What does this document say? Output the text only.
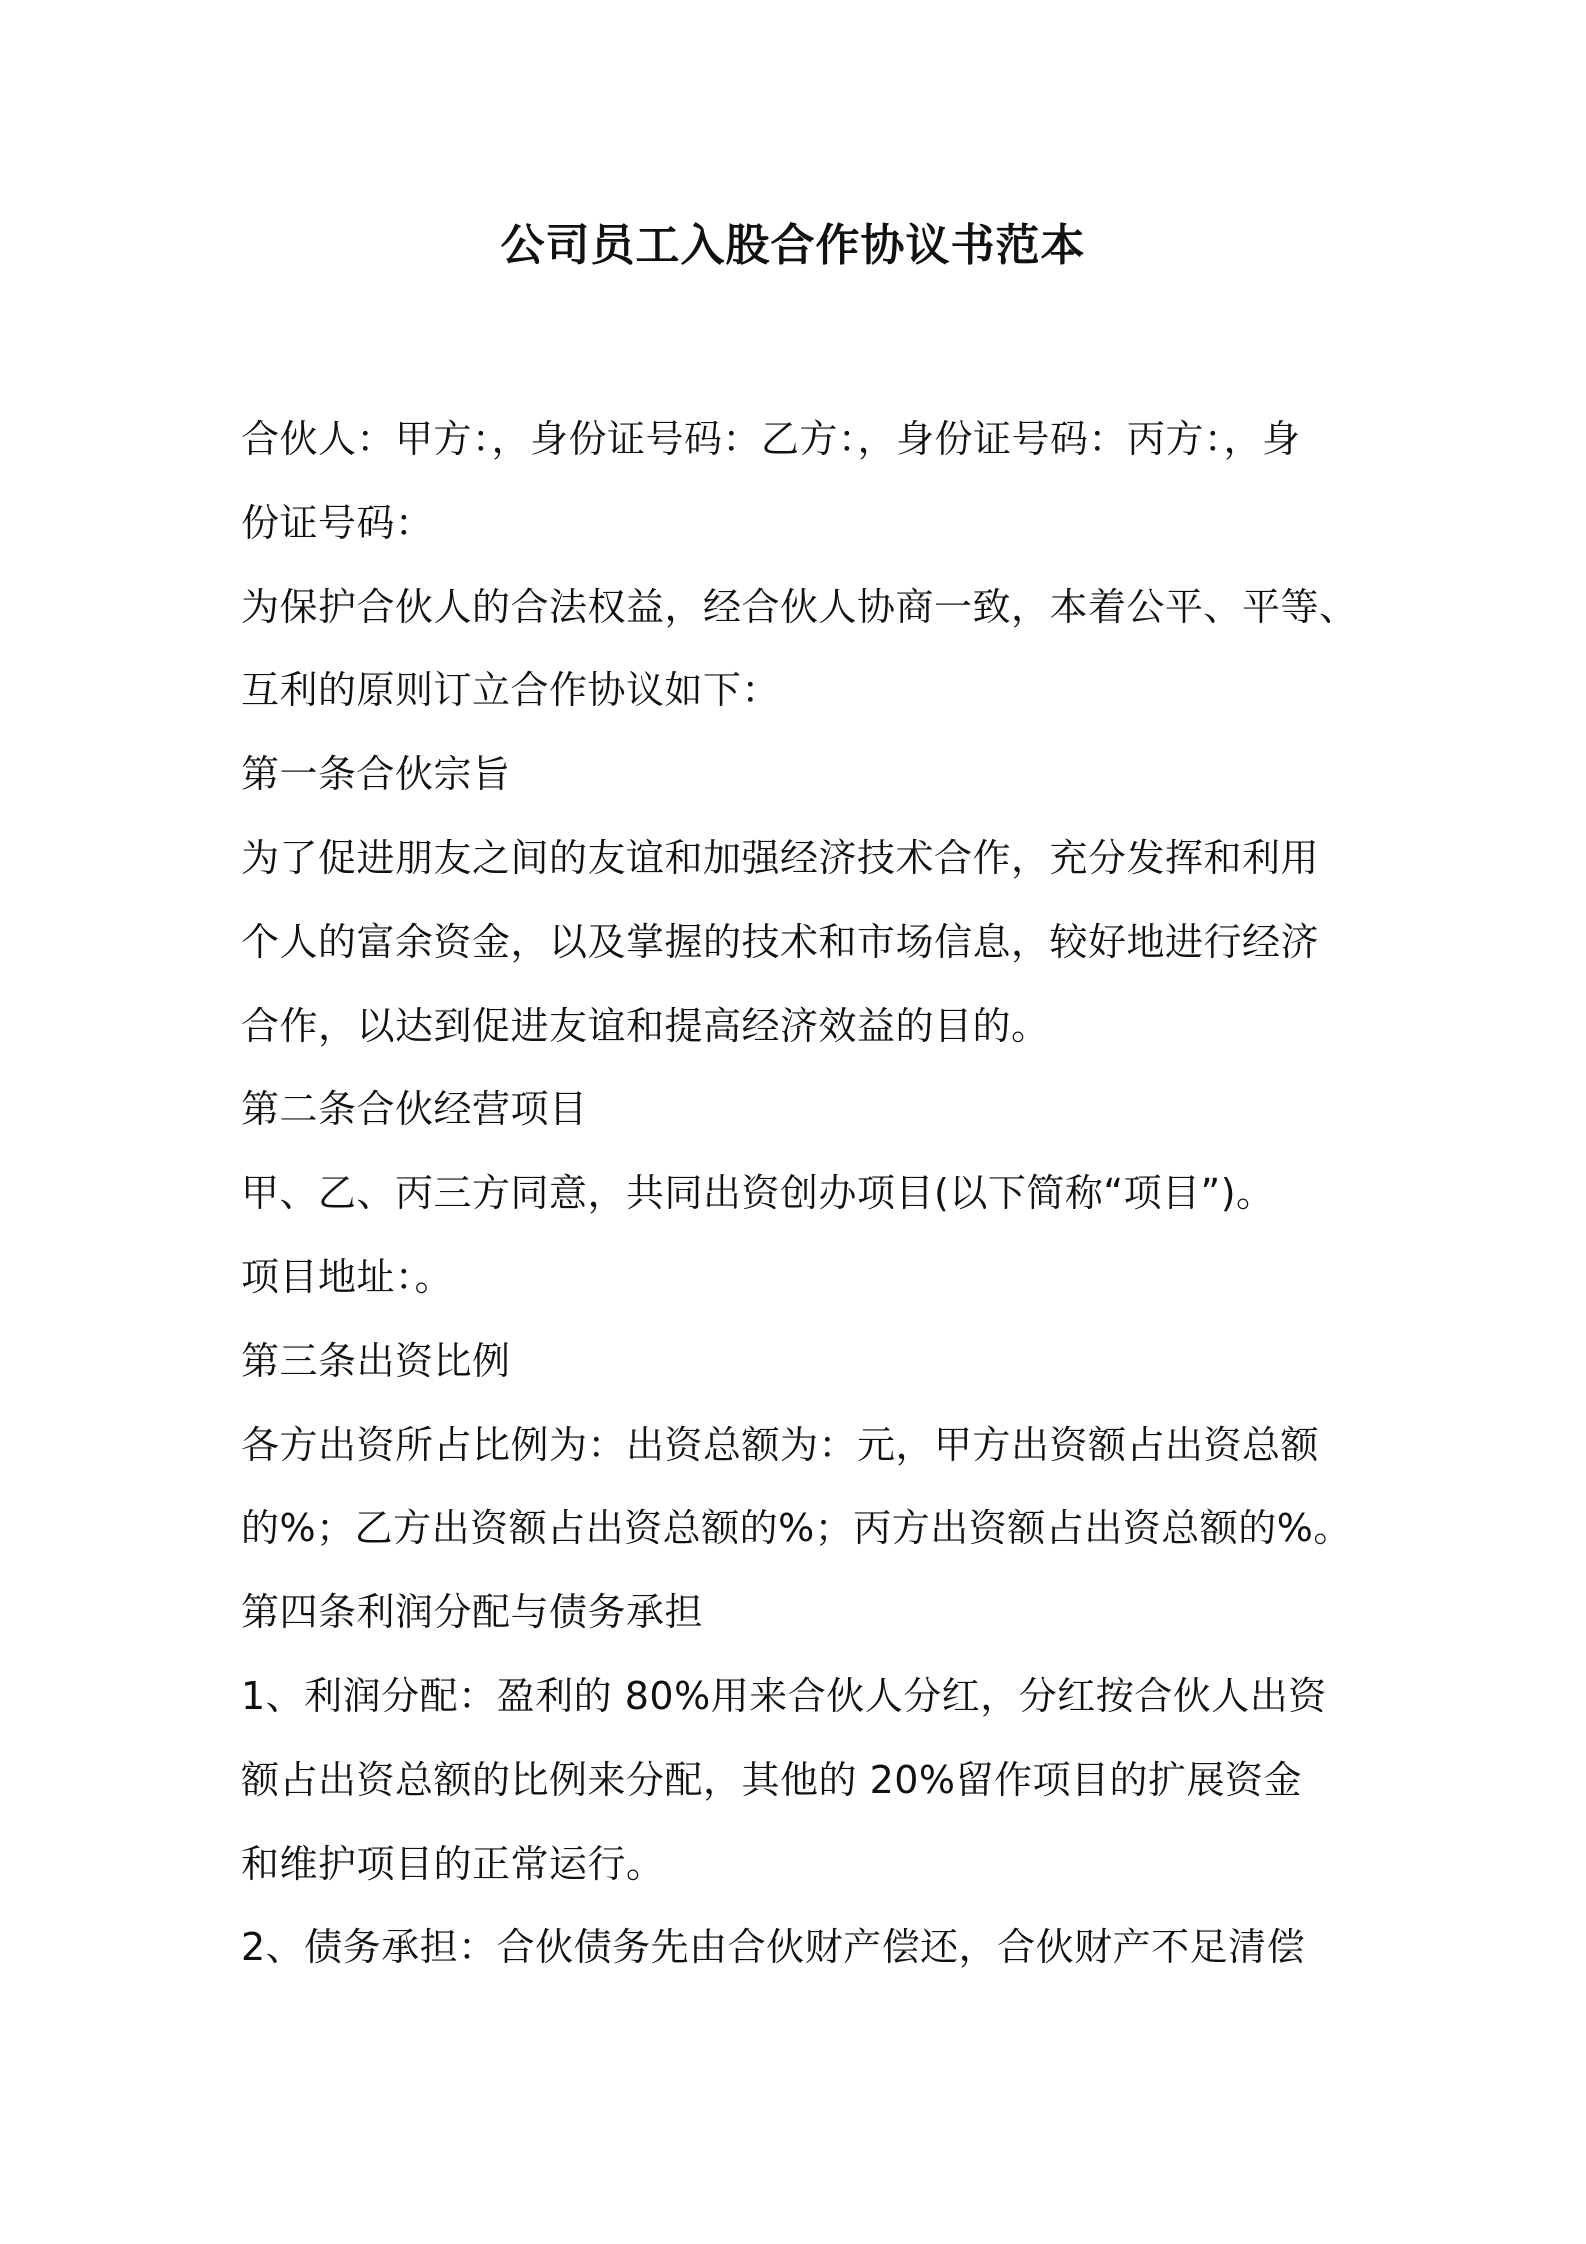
公司员工入股合作协议书范本
合伙人：甲方：，身份证号码：乙方：，身份证号码：丙方：，身
份证号码：
为保护合伙人的合法权益，经合伙人协商一致，本着公平、平等、
互利的原则订立合作协议如下：
第一条合伙宗旨
为了促进朋友之间的友谊和加强经济技术合作，充分发挥和利用
个人的富余资金，以及掌握的技术和市场信息，较好地进行经济
合作，以达到促进友谊和提高经济效益的目的。
第二条合伙经营项目
甲、乙、丙三方同意，共同出资创办项目(以下简称“项目”)。
项目地址：。
第三条出资比例
各方出资所占比例为：出资总额为：元，甲方出资额占出资总额
的%；乙方出资额占出资总额的%；丙方出资额占出资总额的%。
第四条利润分配与债务承担
1、利润分配：盈利的 80%用来合伙人分红，分红按合伙人出资
额占出资总额的比例来分配，其他的 20%留作项目的扩展资金
和维护项目的正常运行。
2、债务承担：合伙债务先由合伙财产偿还，合伙财产不足清偿
